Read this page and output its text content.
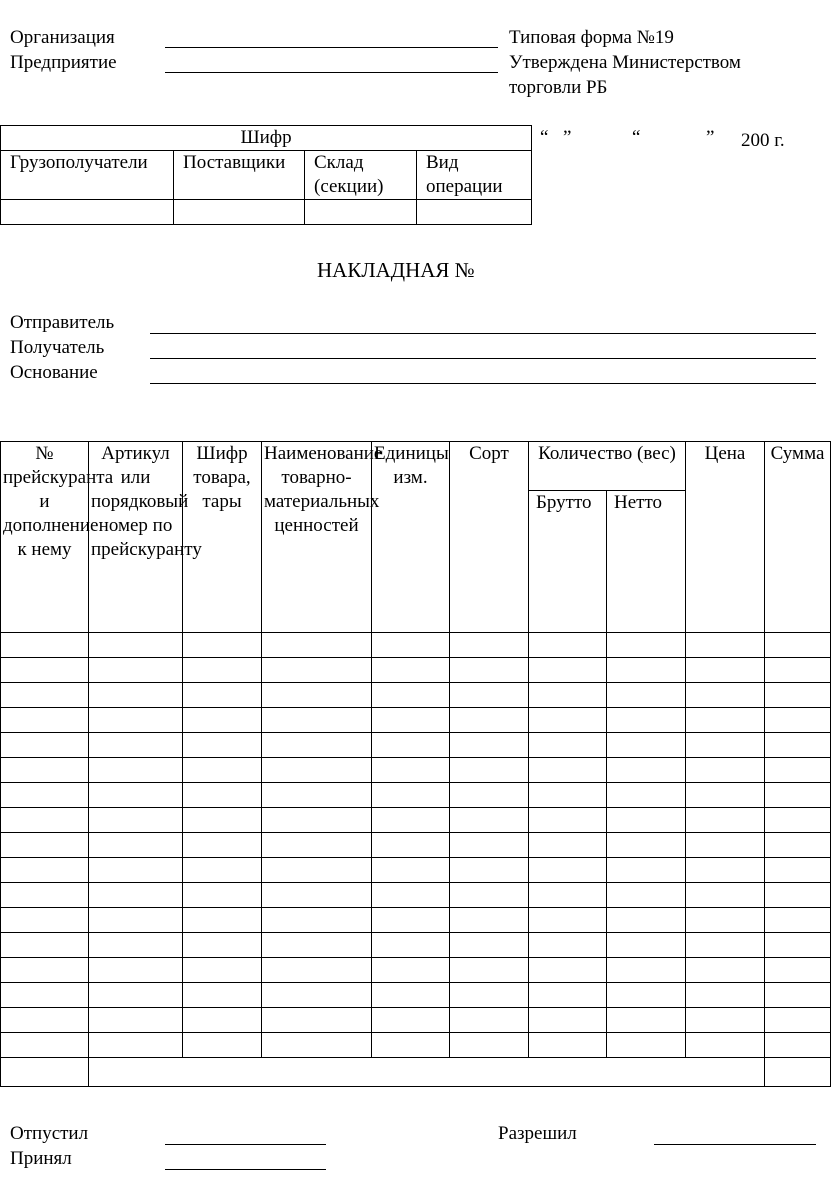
Организация
Предприятие
Типовая форма №19
Утверждена Министерством
торговли РБ
“ ”	“	” 200 г.
Шифр			
Грузополучатели	Поставщики	Склад (секции)	Вид операции

НАКЛАДНАЯ №
Отправитель
Получатель
Основание
№ прейскуранта и дополнение к нему	Артикул или порядковый номер по прейскуранту	Шифр товара, тары	Наименование товарно-материальных ценностей	Единицы изм.	Сорт	Количество (вес)		Цена	Сумма
						Брутто	Нетто		

Отпустил
Принял
Разрешил
